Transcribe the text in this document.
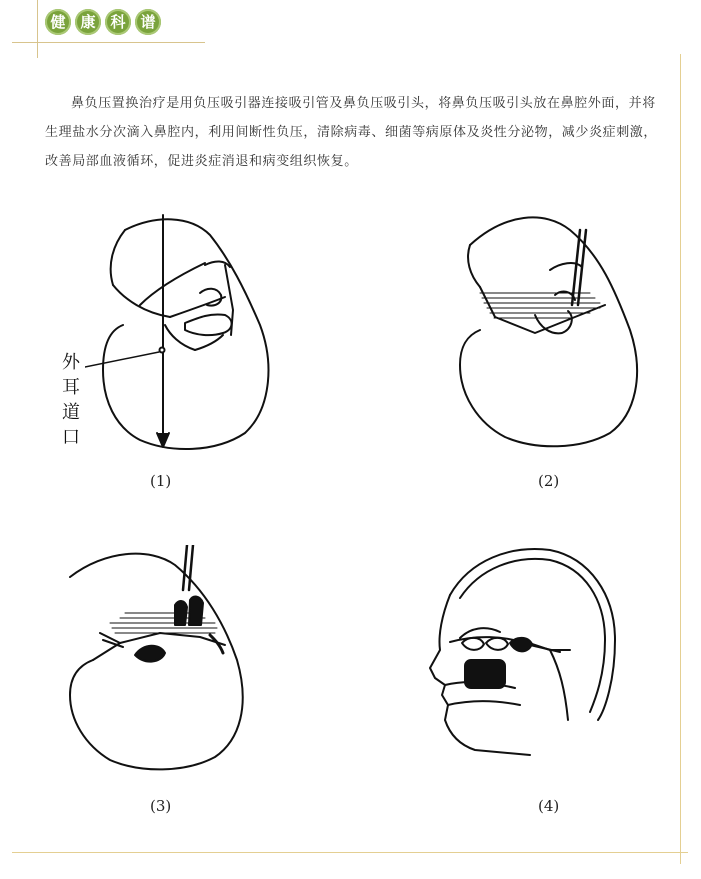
健 康 科 谱

鼻负压置换治疗是用负压吸引器连接吸引管及鼻负压吸引头，将鼻负压吸引头放在鼻腔外面，并将生理盐水分次滴入鼻腔内，利用间断性负压，清除病毒、细菌等病原体及炎性分泌物，减少炎症刺激，改善局部血液循环，促进炎症消退和病变组织恢复。

外耳道口
(1)	(2)
(3)	(4)
